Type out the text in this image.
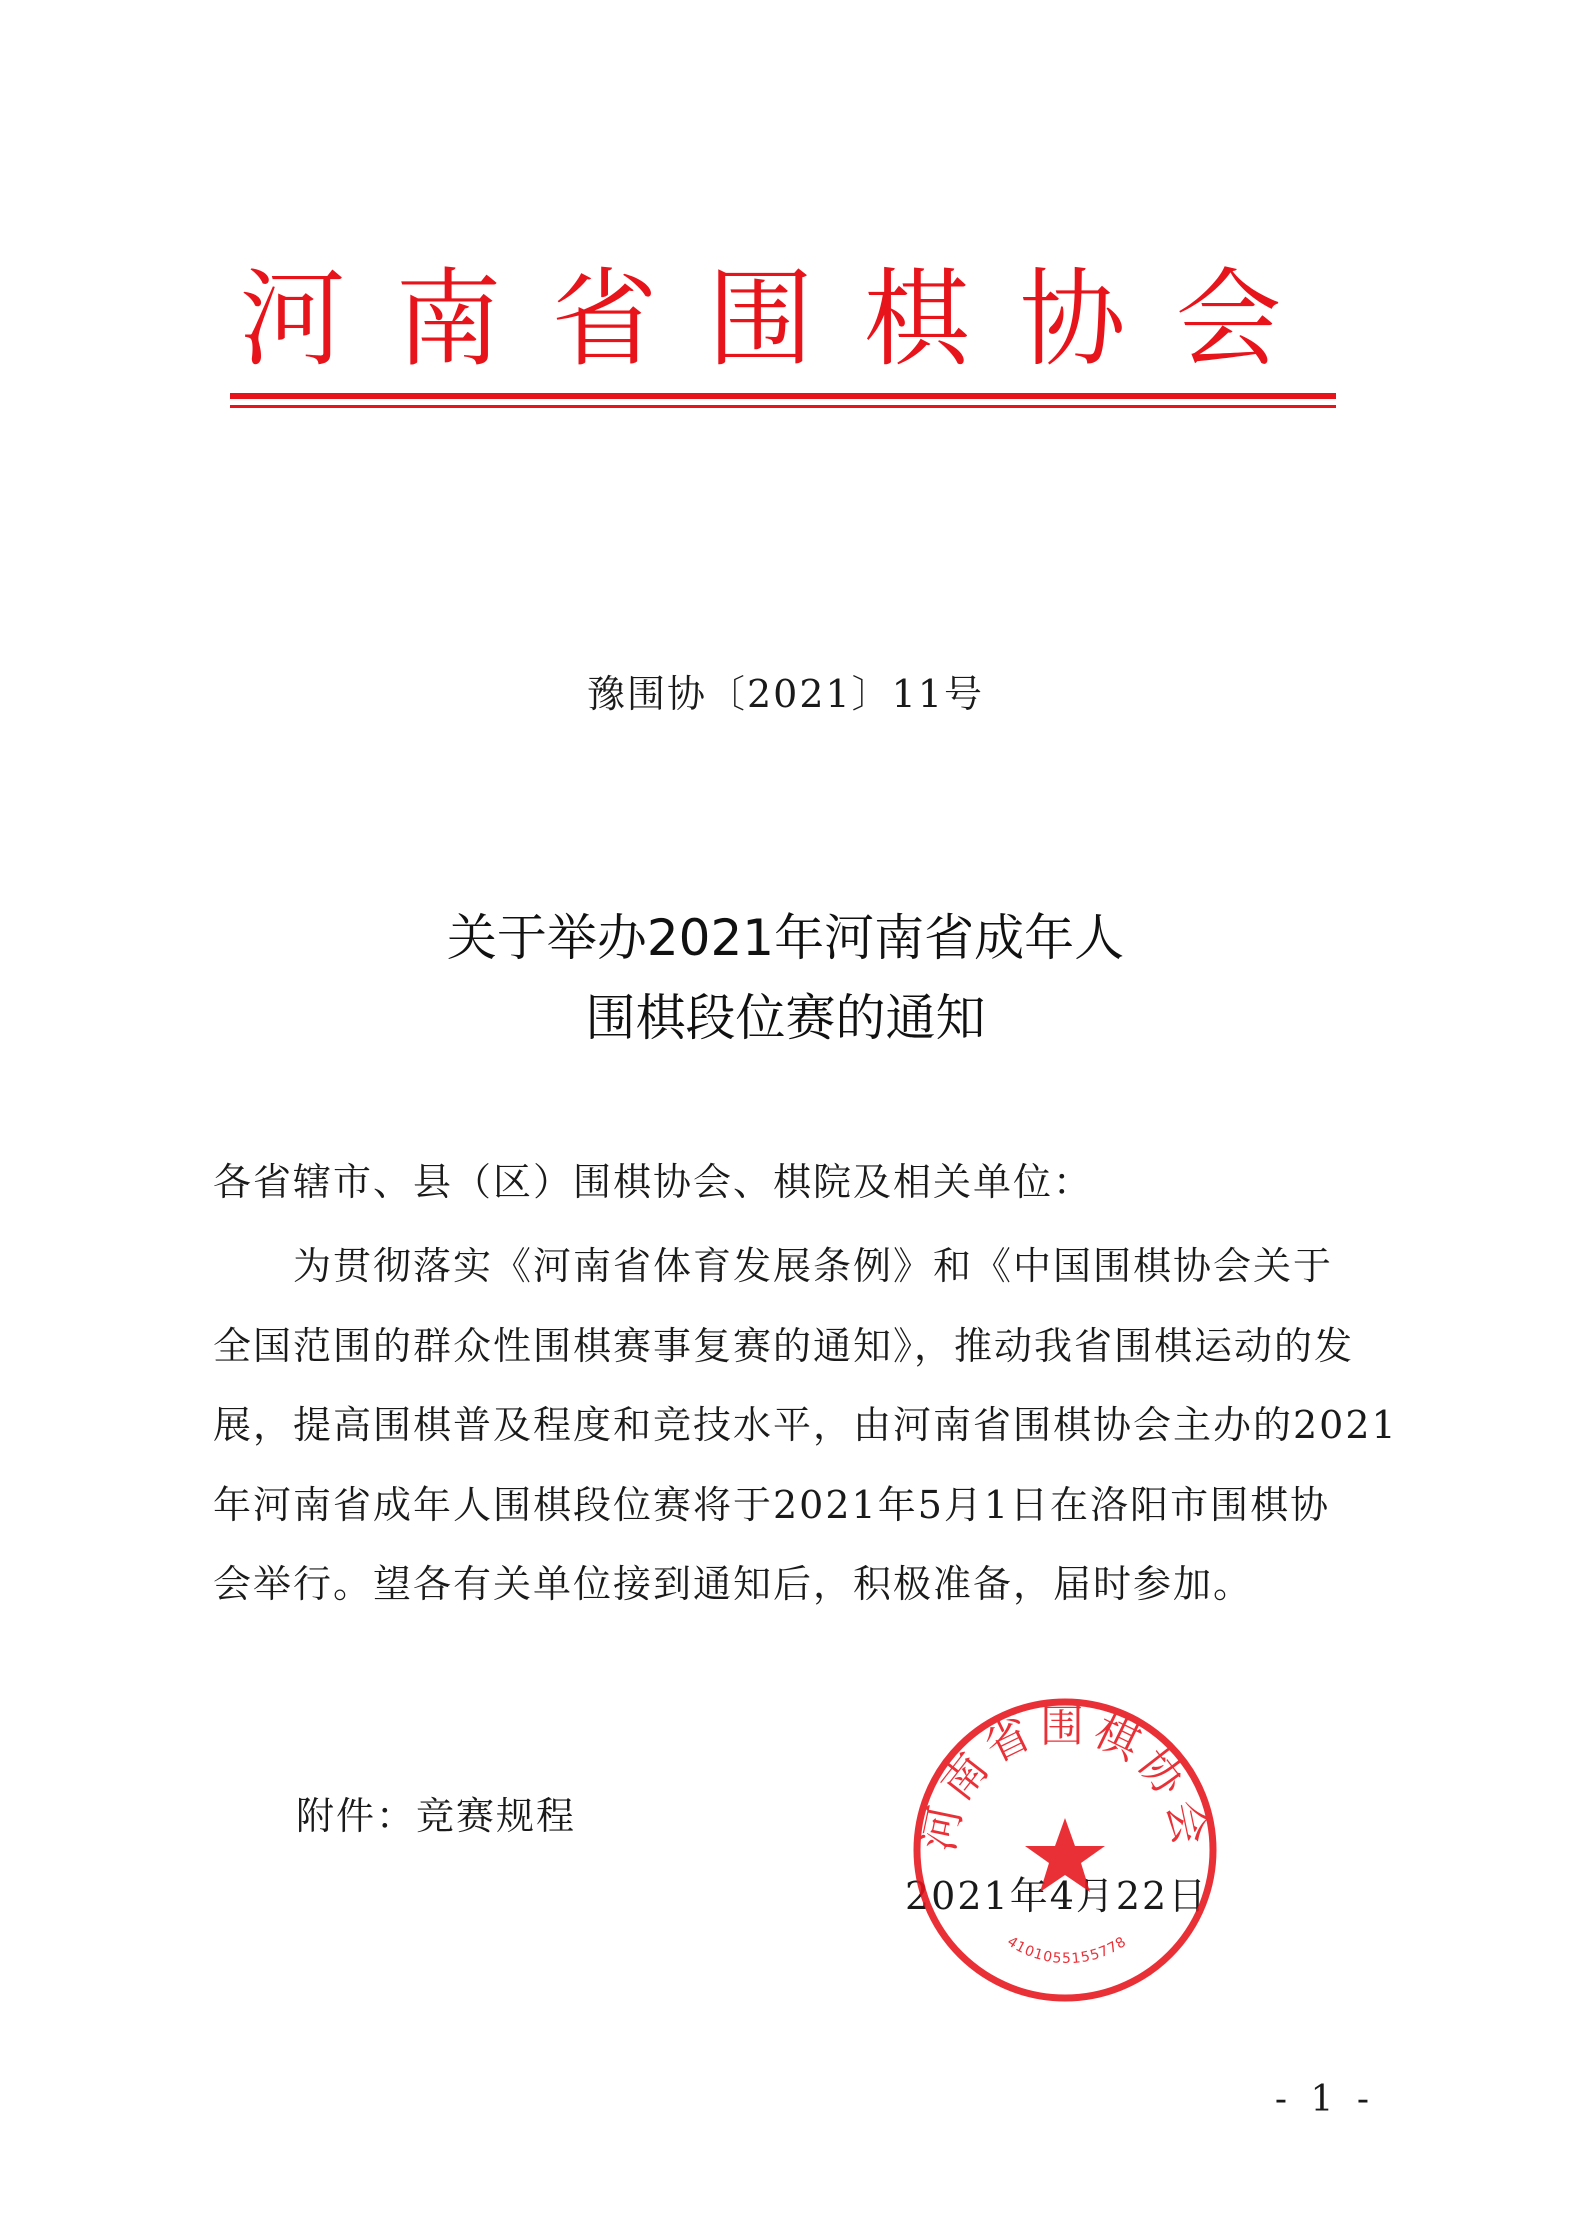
河南省围棋协会
豫围协〔2021〕11号
关于举办2021年河南省成年人
围棋段位赛的通知
各省辖市、县（区）围棋协会、棋院及相关单位：
　　为贯彻落实《河南省体育发展条例》和《中国围棋协会关于
全国范围的群众性围棋赛事复赛的通知》，推动我省围棋运动的发
展，提高围棋普及程度和竞技水平，由河南省围棋协会主办的2021
年河南省成年人围棋段位赛将于2021年5月1日在洛阳市围棋协
会举行。望各有关单位接到通知后，积极准备，届时参加。
附件：竞赛规程
2021年4月22日
河南省围棋协会
4101055155778
- 1 -
